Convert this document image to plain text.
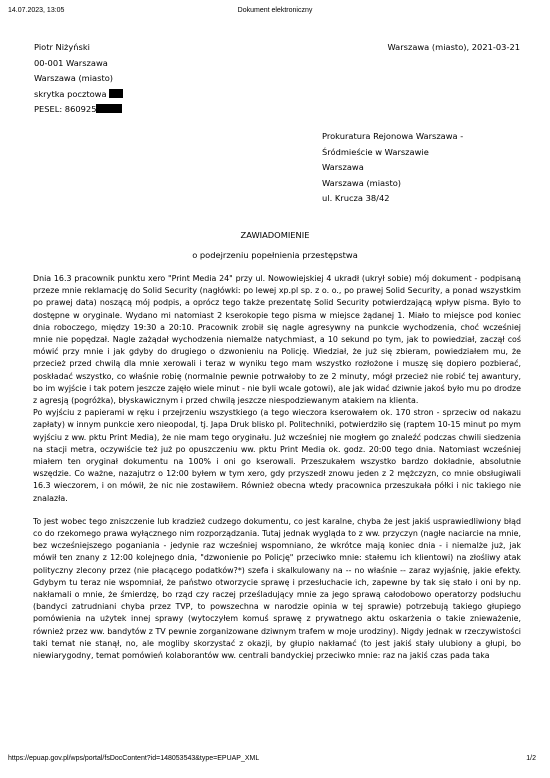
14.07.2023, 13:05	Dokument elektroniczny
Piotr Niżyński
00-001 Warszawa
Warszawa (miasto)
skrytka pocztowa
PESEL: 860925
Warszawa (miasto), 2021-03-21
Prokuratura Rejonowa Warszawa -
Śródmieście w Warszawie
Warszawa
Warszawa (miasto)
ul. Krucza 38/42
ZAWIADOMIENIE
o podejrzeniu popełnienia przestępstwa

Dnia 16.3 pracownik punktu xero "Print Media 24" przy ul. Nowowiejskiej 4 ukradł (ukrył sobie) mój dokument - podpisaną przeze mnie reklamację do Solid Security (nagłówki: po lewej xp.pl sp. z o. o., po prawej Solid Security, a ponad wszystkim po prawej data) noszącą mój podpis, a oprócz tego także prezentatę Solid Security potwierdzającą wpływ pisma. Było to dostępne w oryginale. Wydano mi natomiast 2 kserokopie tego pisma w miejsce żądanej 1. Miało to miejsce pod koniec dnia roboczego, między 19:30 a 20:10. Pracownik zrobił się nagle agresywny na punkcie wychodzenia, choć wcześniej mnie nie popędzał. Nagle zażądał wychodzenia niemalże natychmiast, a 10 sekund po tym, jak to powiedział, zaczął coś mówić przy mnie i jak gdyby do drugiego o dzwonieniu na Policję. Wiedział, że już się zbieram, powiedziałem mu, że przecież przed chwilą dla mnie xerowali i teraz w wyniku tego mam wszystko rozłożone i muszę się dopiero pozbierać, poskładać wszystko, co właśnie robię (normalnie pewnie potrwałoby to ze 2 minuty, mógł przecież nie robić tej awantury, bo im wyjście i tak potem jeszcze zajęło wiele minut - nie byli wcale gotowi), ale jak widać dziwnie jakoś było mu po drodze z agresją (pogróżka), błyskawicznym i przed chwilą jeszcze niespodziewanym atakiem na klienta.

Po wyjściu z papierami w ręku i przejrzeniu wszystkiego (a tego wieczora kserowałem ok. 170 stron - sprzeciw od nakazu zapłaty) w innym punkcie xero nieopodal, tj. Japa Druk blisko pl. Politechniki, potwierdziło się (raptem 10-15 minut po mym wyjściu z ww. pktu Print Media), że nie mam tego oryginału. Już wcześniej nie mogłem go znaleźć podczas chwili siedzenia na stacji metra, oczywiście też już po opuszczeniu ww. pktu Print Media ok. godz. 20:00 tego dnia. Natomiast wcześniej miałem ten oryginał dokumentu na 100% i oni go kserowali. Przeszukałem wszystko bardzo dokładnie, absolutnie wszędzie. Co ważne, nazajutrz o 12:00 byłem w tym xero, gdy przyszedł znowu jeden z 2 mężczyzn, co mnie obsługiwali 16.3 wieczorem, i on mówił, że nic nie zostawiłem. Również obecna wtedy pracownica przeszukała półki i nic takiego nie znalazła.

To jest wobec tego zniszczenie lub kradzież cudzego dokumentu, co jest karalne, chyba że jest jakiś usprawiedliwiony błąd co do rzekomego prawa wyłącznego nim rozporządzania. Tutaj jednak wygląda to z ww. przyczyn (nagłe naciarcie na mnie, bez wcześniejszego poganiania - jedynie raz wcześniej wspomniano, że wkrótce mają koniec dnia - i niemalże już, jak mówił ten znany z 12:00 kolejnego dnia, "dzwonienie po Policję" przeciwko mnie: stałemu ich klientowi) na złośliwy atak polityczny zlecony przez (nie płacącego podatków?*) szefa i skalkulowany na -- no właśnie -- zaraz wyjaśnię, jakie efekty. Gdybym tu teraz nie wspomniał, że państwo otworzycie sprawę i przesłuchacie ich, zapewne by tak się stało i oni by np. nakłamali o mnie, że śmierdzę, bo rząd czy raczej prześladujący mnie za jego sprawą całodobowo operatorzy podsłuchu (bandyci zatrudniani chyba przez TVP, to powszechna w narodzie opinia w tej sprawie) potrzebują takiego głupiego pomówienia na użytek innej sprawy (wytoczyłem komuś sprawę z prywatnego aktu oskarżenia o takie znieważenie, również przez ww. bandytów z TV pewnie zorganizowane dziwnym trafem w moje urodziny). Nigdy jednak w rzeczywistości taki temat nie stanął, no, ale mogliby skorzystać z okazji, by głupio nakłamać (to jest jakiś stały ulubiony a głupi, bo niewiarygodny, temat pomówień kolaborantów ww. centrali bandyckiej przeciwko mnie: raz na jakiś czas pada taka

https://epuap.gov.pl/wps/portal/fsDocContent?id=148053543&type=EPUAP_XML	1/2
